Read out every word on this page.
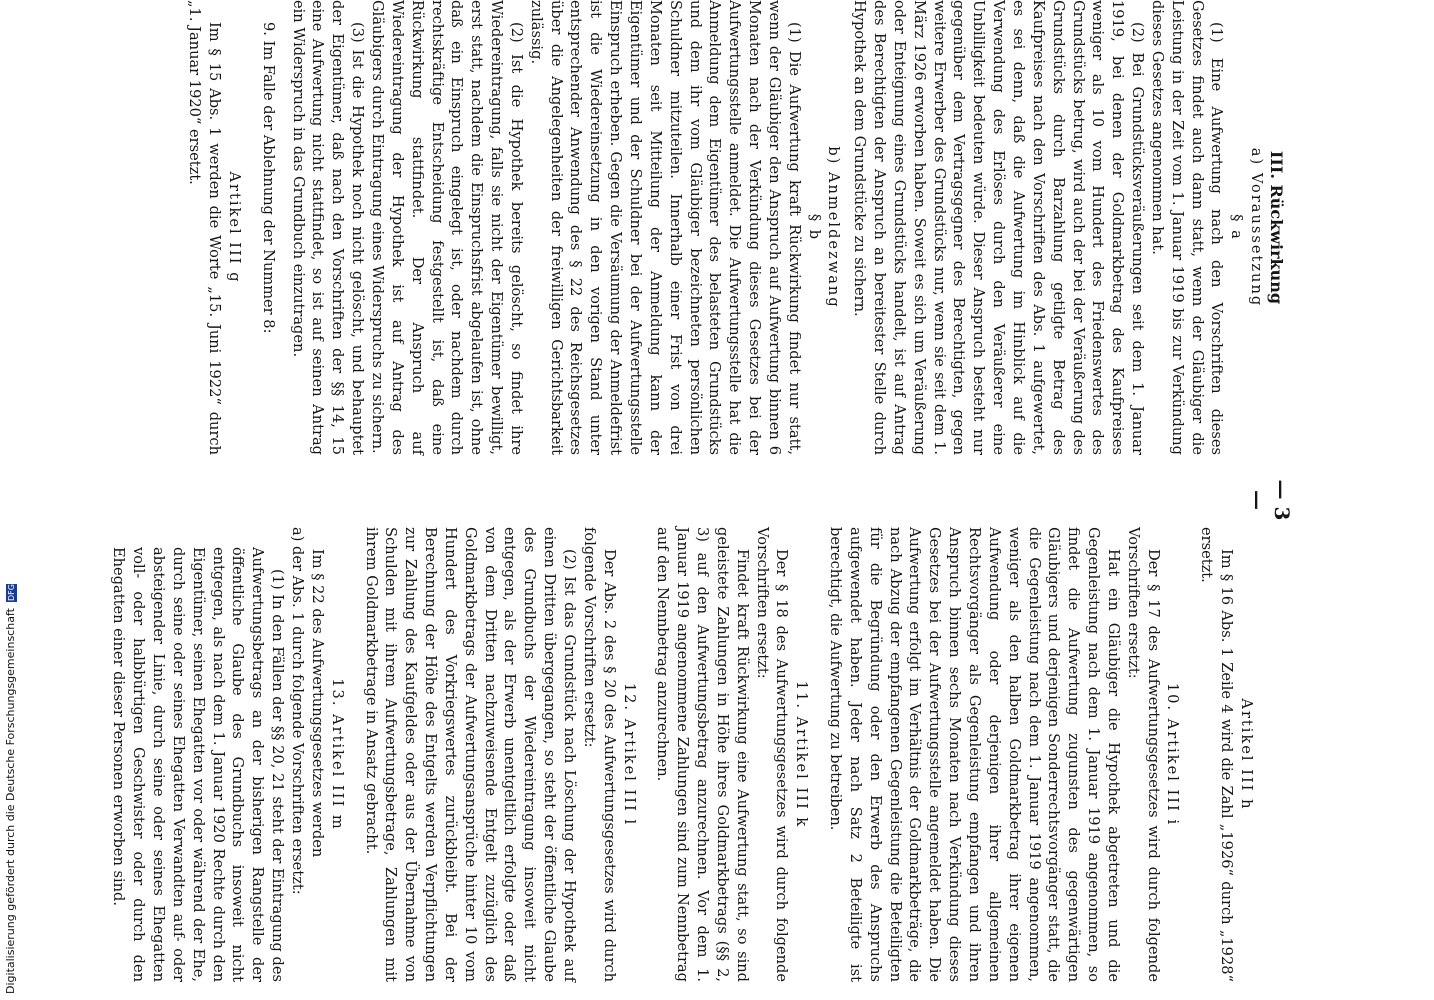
— 3 —

III. Rückwirkung

a) Voraussetzung

§ a

(1) Eine Aufwertung nach den Vorschriften dieses Gesetzes findet auch dann statt, wenn der Gläubiger die Leistung in der Zeit vom 1. Januar 1919 bis zur Verkündung dieses Gesetzes angenommen hat.

(2) Bei Grundstücksveräußerungen seit dem 1. Januar 1919, bei denen der Goldmarkbetrag des Kaufpreises weniger als 10 vom Hundert des Friedenswertes des Grundstücks betrug, wird auch der bei der Veräußerung des Grundstücks durch Barzahlung getilgte Betrag des Kaufpreises nach den Vorschriften des Abs. 1 aufgewertet, es sei denn, daß die Aufwertung im Hinblick auf die Verwendung des Erlöses durch den Veräußerer eine Unbilligkeit bedeuten würde. Dieser Anspruch besteht nur gegenüber dem Vertragsgegner des Berechtigten, gegen weitere Erwerber des Grundstücks nur, wenn sie seit dem 1. März 1926 erworben haben. Soweit es sich um Veräußerung oder Enteignung eines Grundstücks handelt, ist auf Antrag des Berechtigten der Anspruch an bereitester Stelle durch Hypothek an dem Grundstücke zu sichern.

b) Anmeldezwang

§ b

(1) Die Aufwertung kraft Rückwirkung findet nur statt, wenn der Gläubiger den Anspruch auf Aufwertung binnen 6 Monaten nach der Verkündung dieses Gesetzes bei der Aufwertungsstelle anmeldet. Die Aufwertungsstelle hat die Anmeldung dem Eigentümer des belasteten Grundstücks und dem ihr vom Gläubiger bezeichneten persönlichen Schuldner mitzuteilen. Innerhalb einer Frist von drei Monaten seit Mitteilung der Anmeldung kann der Eigentümer und der Schuldner bei der Aufwertungsstelle Einspruch erheben. Gegen die Versäumung der Anmeldefrist ist die Wiedereinsetzung in den vorigen Stand unter entsprechender Anwendung des § 22 des Reichsgesetzes über die Angelegenheiten der freiwilligen Gerichtsbarkeit zulässig.

(2) Ist die Hypothek bereits gelöscht, so findet ihre Wiedereintragung, falls sie nicht der Eigentümer bewilligt, erst statt, nachdem die Einspruchsfrist abgelaufen ist, ohne daß ein Einspruch eingelegt ist, oder nachdem durch rechtskräftige Entscheidung festgestellt ist, daß eine Rückwirkung stattfindet. Der Anspruch auf Wiedereintragung der Hypothek ist auf Antrag des Gläubigers durch Eintragung eines Widerspruchs zu sichern.

(3) Ist die Hypothek noch nicht gelöscht, und behauptet der Eigentümer, daß nach den Vorschriften der §§ 14, 15 eine Aufwertung nicht stattfindet, so ist auf seinen Antrag ein Widerspruch in das Grundbuch einzutragen.

9. Im Falle der Ablehnung der Nummer 8:

Artikel III g

Im § 15 Abs. 1 werden die Worte „15. Juni 1922“ durch „1. Januar 1920“ ersetzt.

Artikel III h

Im § 16 Abs. 1 Zeile 4 wird die Zahl „1926“ durch „1928“ ersetzt.

10. Artikel III i

Der § 17 des Aufwertungsgesetzes wird durch folgende Vorschriften ersetzt:

Hat ein Gläubiger die Hypothek abgetreten und die Gegenleistung nach dem 1. Januar 1919 angenommen, so findet die Aufwertung zugunsten des gegenwärtigen Gläubigers und derjenigen Sonderrechtsvorgänger statt, die die Gegenleistung nach dem 1. Januar 1919 angenommen, weniger als den halben Goldmarkbetrag ihrer eigenen Aufwendung oder derjenigen ihrer allgemeinen Rechtsvorgänger als Gegenleistung empfangen und ihren Anspruch binnen sechs Monaten nach Verkündung dieses Gesetzes bei der Aufwertungsstelle angemeldet haben. Die Aufwertung erfolgt im Verhältnis der Goldmarkbeträge, die nach Abzug der empfangenen Gegenleistung die Beteiligten für die Begründung oder den Erwerb des Anspruchs aufgewendet haben. Jeder nach Satz 2 Beteiligte ist berechtigt, die Aufwertung zu betreiben.

11. Artikel III k

Der § 18 des Aufwertungsgesetzes wird durch folgende Vorschriften ersetzt:

Findet kraft Rückwirkung eine Aufwertung statt, so sind geleistete Zahlungen in Höhe ihres Goldmarkbetrags (§§ 2, 3) auf den Aufwertungsbetrag anzurechnen. Vor dem 1. Januar 1919 angenommene Zahlungen sind zum Nennbetrag auf den Nennbetrag anzurechnen.

12. Artikel III l

Der Abs. 2 des § 20 des Aufwertungsgesetzes wird durch folgende Vorschriften ersetzt:

(2) Ist das Grundstück nach Löschung der Hypothek auf einen Dritten übergegangen, so steht der öffentliche Glaube des Grundbuchs der Wiedereintragung insoweit nicht entgegen, als der Erwerb unentgeltlich erfolgte oder daß von dem Dritten nachzuweisende Entgelt zuzüglich des Goldmarkbetrags der Aufwertungsansprüche hinter 10 vom Hundert des Vorkriegswertes zurückbleibt. Bei der Berechnung der Höhe des Entgelts werden Verpflichtungen zur Zahlung des Kaufgeldes oder aus der Übernahme von Schulden mit ihrem Aufwertungsbetrage, Zahlungen mit ihrem Goldmarkbetrage in Ansatz gebracht.

13. Artikel III m

Im § 22 des Aufwertungsgesetzes werden

a) der Abs. 1 durch folgende Vorschriften ersetzt:

(1) In den Fällen der §§ 20, 21 steht der Eintragung des Aufwertungsbetrags an der bisherigen Rangstelle der öffentliche Glaube des Grundbuchs insoweit nicht entgegen, als nach dem 1. Januar 1920 Rechte durch den Eigentümer, seinen Ehegatten vor oder während der Ehe, durch seine oder seines Ehegatten Verwandten auf- oder absteigender Linie, durch seine oder seines Ehegatten voll- oder halbbürtigen Geschwister oder durch den Ehegatten einer dieser Personen erworben sind.

Digitalisierung gefördert durch die Deutsche Forschungsgemeinschaft DFG
